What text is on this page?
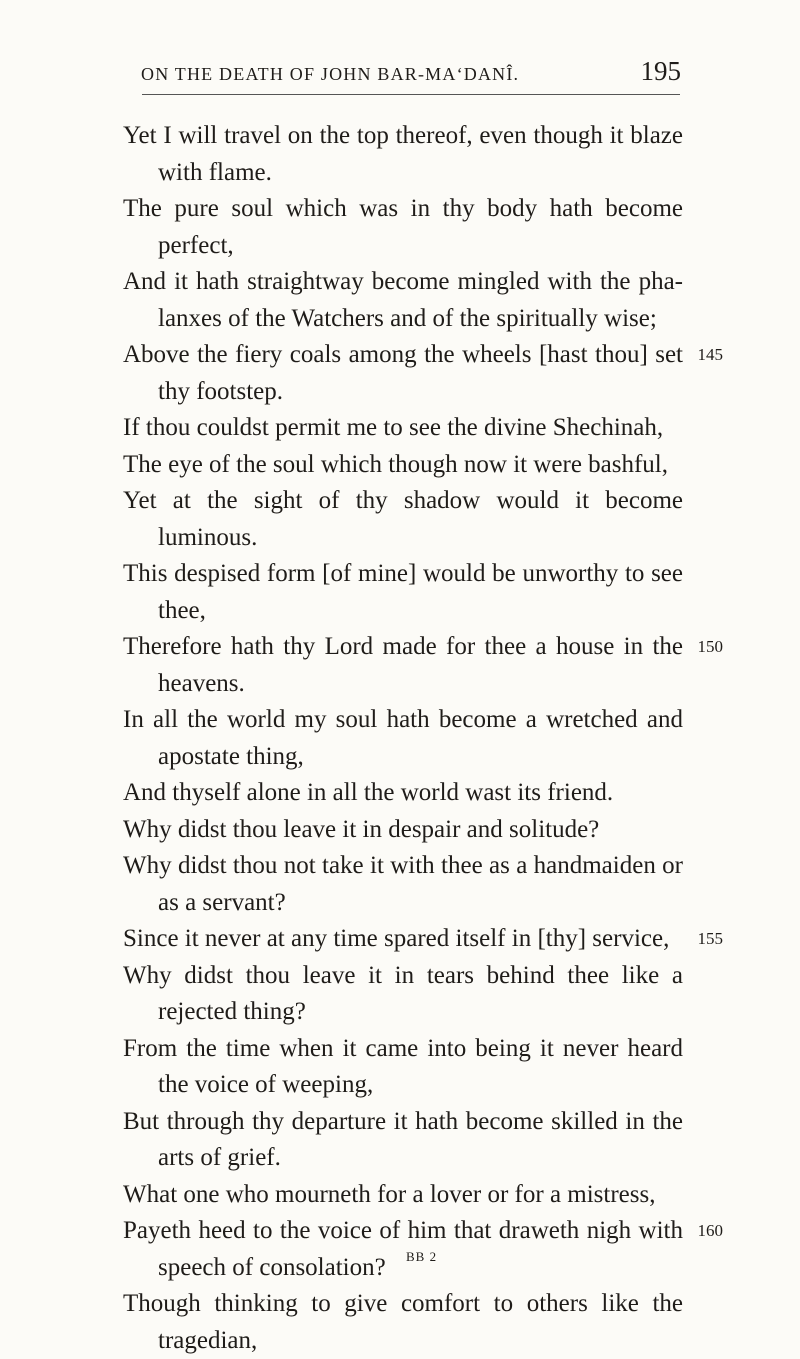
ON THE DEATH OF JOHN BAR-MAʻDANÎ.	195
Yet I will travel on the top thereof, even though it blaze with flame.
The pure soul which was in thy body hath become perfect,
And it hath straightway become mingled with the phalanxes of the Watchers and of the spiritually wise;
Above the fiery coals among the wheels [hast thou] set thy footstep.
145
If thou couldst permit me to see the divine Shechinah,
The eye of the soul which though now it were bashful,
Yet at the sight of thy shadow would it become luminous.
This despised form [of mine] would be unworthy to see thee,
Therefore hath thy Lord made for thee a house in the heavens.
150
In all the world my soul hath become a wretched and apostate thing,
And thyself alone in all the world wast its friend.
Why didst thou leave it in despair and solitude?
Why didst thou not take it with thee as a handmaiden or as a servant?
Since it never at any time spared itself in [thy] service, 155
Why didst thou leave it in tears behind thee like a rejected thing?
From the time when it came into being it never heard the voice of weeping,
But through thy departure it hath become skilled in the arts of grief.
What one who mourneth for a lover or for a mistress,
Payeth heed to the voice of him that draweth nigh with speech of consolation?
160
Though thinking to give comfort to others like the tragedian,
BB 2
